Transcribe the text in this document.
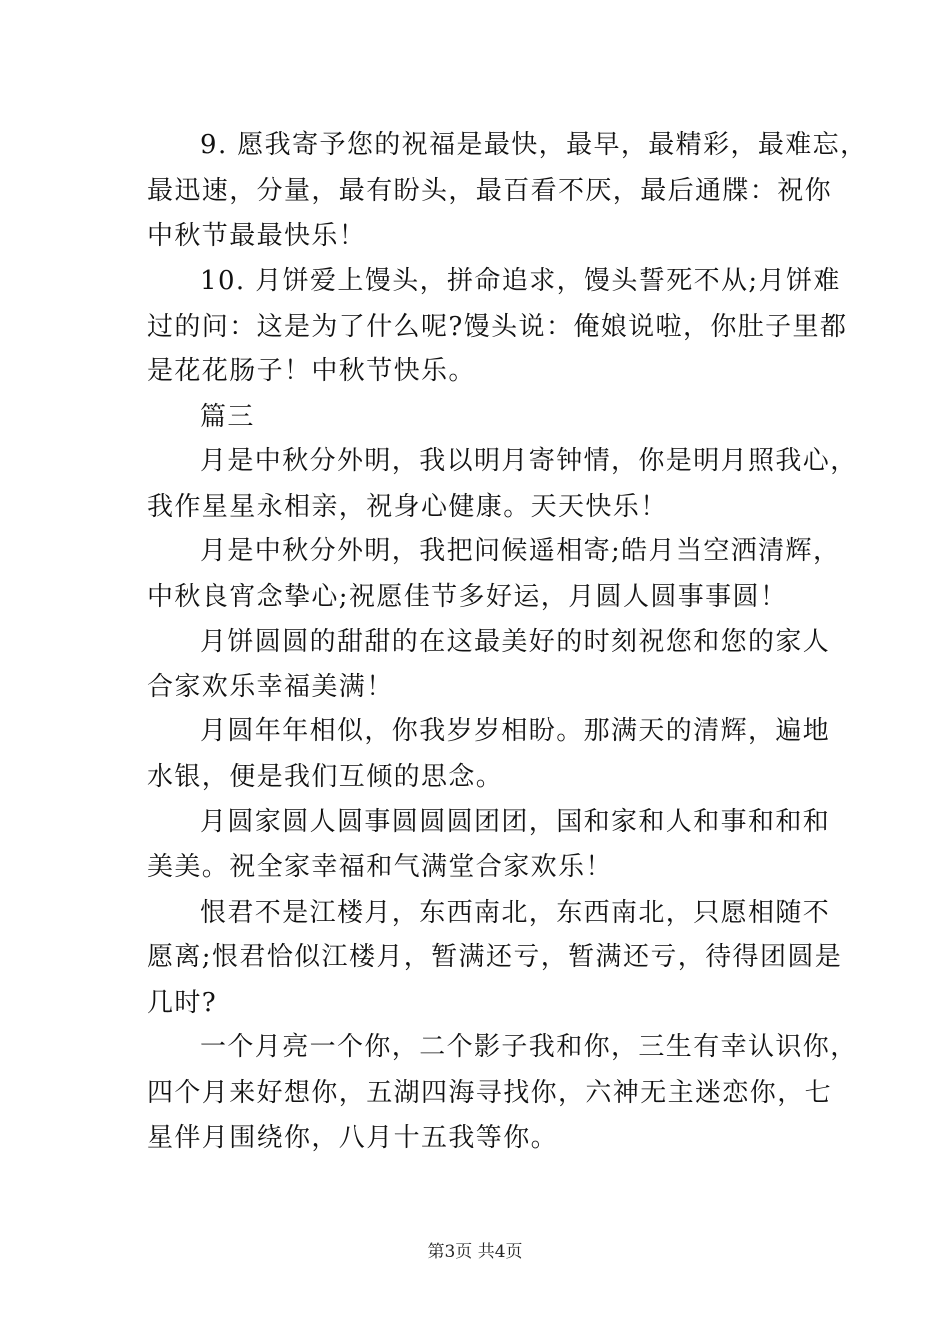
9. 愿我寄予您的祝福是最快，最早，最精彩，最难忘，
最迅速，分量，最有盼头，最百看不厌，最后通牒：祝你
中秋节最最快乐！
10. 月饼爱上馒头，拼命追求，馒头誓死不从;月饼难
过的问：这是为了什么呢?馒头说：俺娘说啦，你肚子里都
是花花肠子！中秋节快乐。
篇三
月是中秋分外明，我以明月寄钟情，你是明月照我心，
我作星星永相亲，祝身心健康。天天快乐！
月是中秋分外明，我把问候遥相寄;皓月当空洒清辉，
中秋良宵念挚心;祝愿佳节多好运，月圆人圆事事圆！
月饼圆圆的甜甜的在这最美好的时刻祝您和您的家人
合家欢乐幸福美满！
月圆年年相似，你我岁岁相盼。那满天的清辉，遍地
水银，便是我们互倾的思念。
月圆家圆人圆事圆圆圆团团，国和家和人和事和和和
美美。祝全家幸福和气满堂合家欢乐！
恨君不是江楼月，东西南北，东西南北，只愿相随不
愿离;恨君恰似江楼月，暂满还亏，暂满还亏，待得团圆是
几时?
一个月亮一个你，二个影子我和你，三生有幸认识你，
四个月来好想你，五湖四海寻找你，六神无主迷恋你，七
星伴月围绕你，八月十五我等你。
第3页 共4页
